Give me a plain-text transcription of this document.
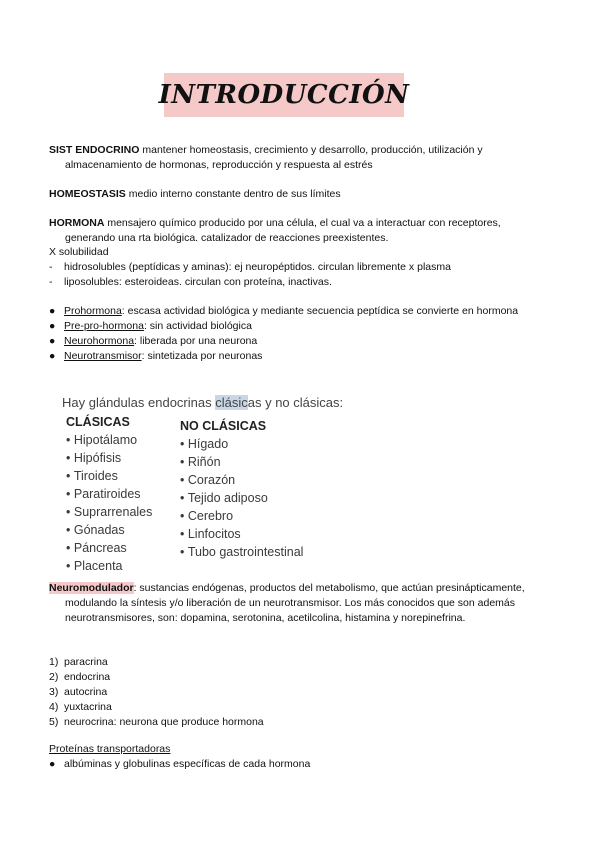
INTRODUCCIÓN
SIST ENDOCRINO mantener homeostasis, crecimiento y desarrollo, producción, utilización y almacenamiento de hormonas, reproducción y respuesta al estrés
HOMEOSTASIS medio interno constante dentro de sus límites
HORMONA mensajero químico producido por una célula, el cual va a interactuar con receptores, generando una rta biológica. catalizador de reacciones preexistentes.
X solubilidad
-	hidrosolubles (peptídicas y aminas): ej neuropéptidos. circulan libremente x plasma
-	liposolubles: esteroideas. circulan con proteína, inactivas.
● Prohormona: escasa actividad biológica y mediante secuencia peptídica se convierte en hormona
● Pre-pro-hormona: sin actividad biológica
● Neurohormona: liberada por una neurona
● Neurotransmisor: sintetizada por neuronas
Hay glándulas endocrinas clásicas y no clásicas:
CLÁSICAS
• Hipotálamo
• Hipófisis
• Tiroides
• Paratiroides
• Suprarrenales
• Gónadas
• Páncreas
• Placenta
NO CLÁSICAS
• Hígado
• Riñón
• Corazón
• Tejido adiposo
• Cerebro
• Linfocitos
• Tubo gastrointestinal
Neuromodulador: sustancias endógenas, productos del metabolismo, que actúan presinápticamente, modulando la síntesis y/o liberación de un neurotransmisor. Los más conocidos que son además neurotransmisores, son: dopamina, serotonina, acetilcolina, histamina y norepinefrina.
1) paracrina
2) endocrina
3) autocrina
4) yuxtacrina
5) neurocrina: neurona que produce hormona
Proteínas transportadoras
● albúminas y globulinas específicas de cada hormona
